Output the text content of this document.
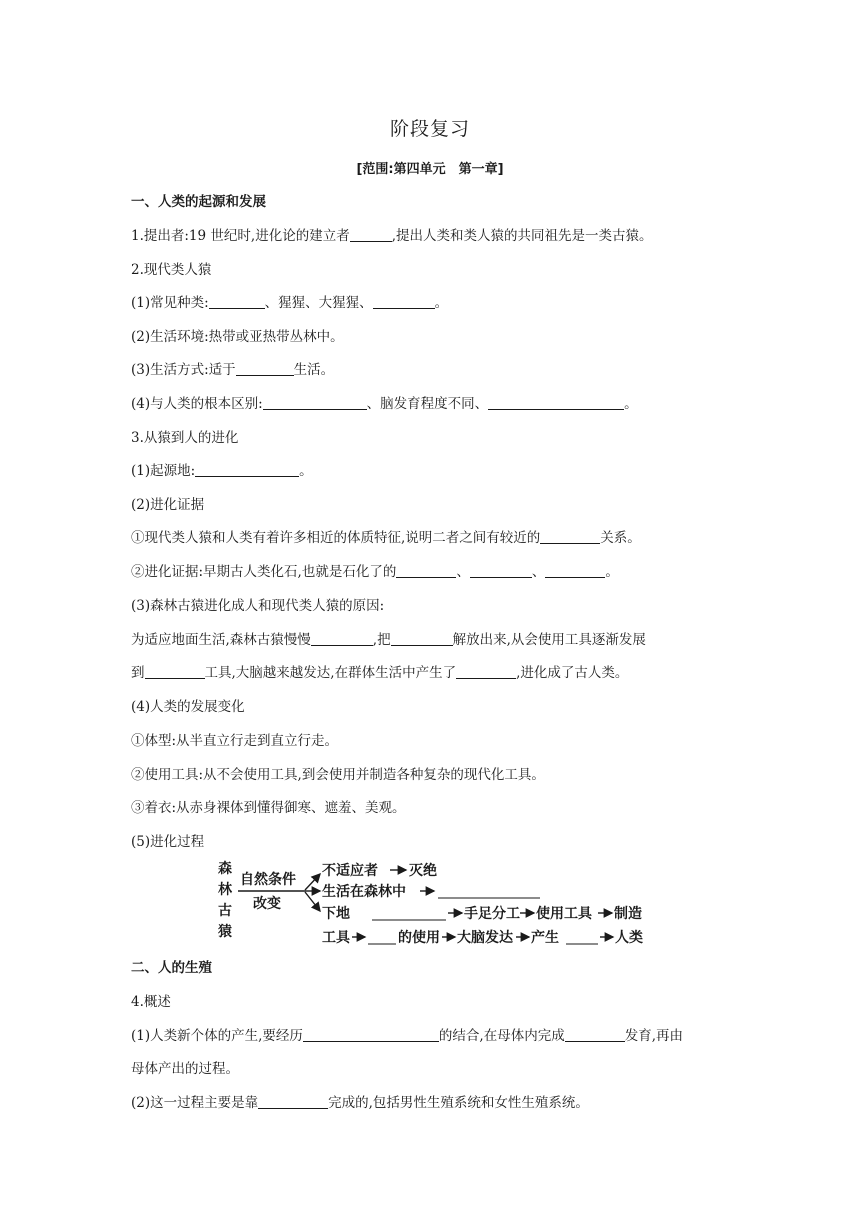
阶段复习
[范围:第四单元　第一章]
一、人类的起源和发展
1.提出者:19 世纪时,进化论的建立者	,提出人类和类人猿的共同祖先是一类古猿。
2.现代类人猿
(1)常见种类:	、猩猩、大猩猩、	。
(2)生活环境:热带或亚热带丛林中。
(3)生活方式:适于	生活。
(4)与人类的根本区别:	、脑发育程度不同、	。
3.从猿到人的进化
(1)起源地:	。
(2)进化证据
①现代类人猿和人类有着许多相近的体质特征,说明二者之间有较近的	关系。
②进化证据:早期古人类化石,也就是石化了的	、	、	。
(3)森林古猿进化成人和现代类人猿的原因:
为适应地面生活,森林古猿慢慢	,把	解放出来,从会使用工具逐渐发展
到	工具,大脑越来越发达,在群体生活中产生了	,进化成了古人类。
(4)人类的发展变化
①体型:从半直立行走到直立行走。
②使用工具:从不会使用工具,到会使用并制造各种复杂的现代化工具。
③着衣:从赤身裸体到懂得御寒、遮羞、美观。
(5)进化过程
森
林
古
猿
自然条件
改变
不适应者 灭绝
生活在森林中
下地	手足分工 使用工具 制造
工具	的使用 大脑发达 产生	人类
二、人的生殖
4.概述
(1)人类新个体的产生,要经历	的结合,在母体内完成	发育,再由
母体产出的过程。
(2)这一过程主要是靠	完成的,包括男性生殖系统和女性生殖系统。
